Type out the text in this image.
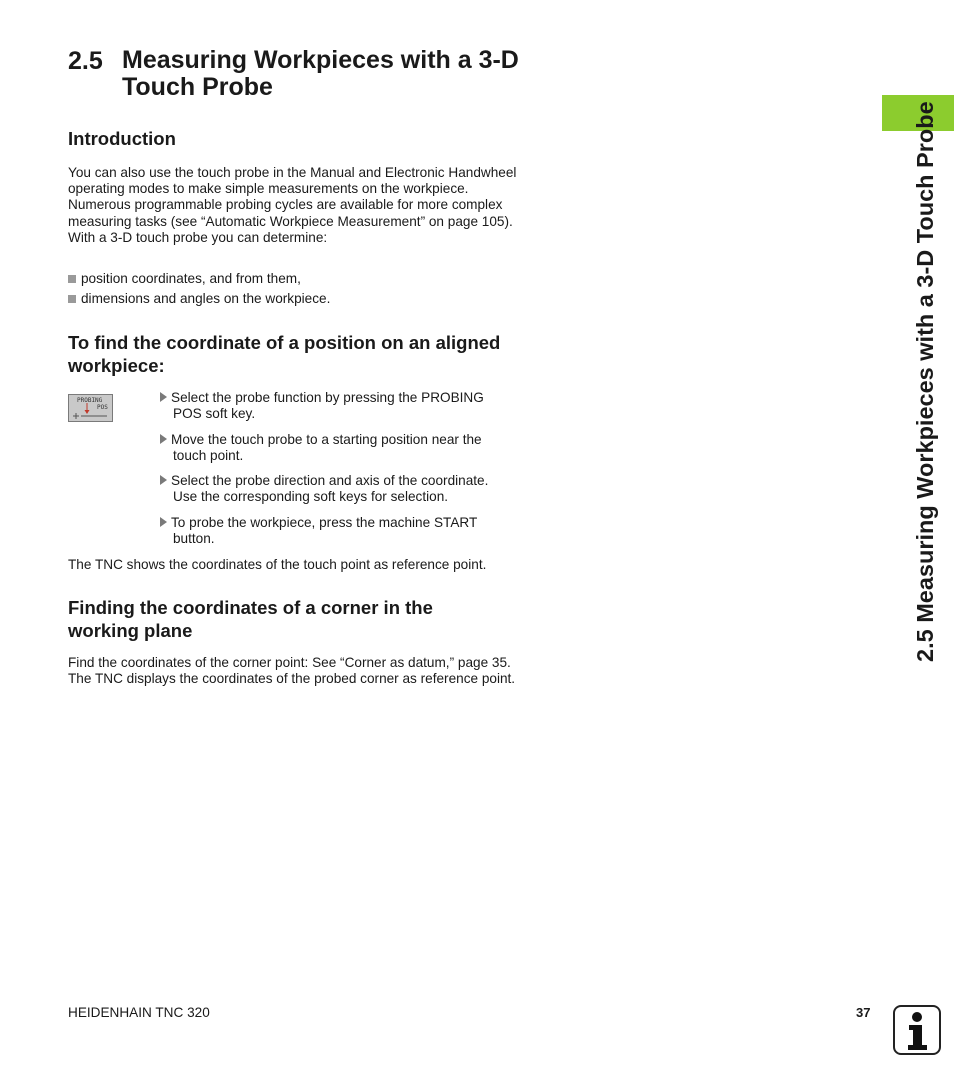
2.5 Measuring Workpieces with a 3-D Touch Probe
Introduction
You can also use the touch probe in the Manual and Electronic Handwheel operating modes to make simple measurements on the workpiece. Numerous programmable probing cycles are available for more complex measuring tasks (see “Automatic Workpiece Measurement” on page 105). With a 3-D touch probe you can determine:
position coordinates, and from them,
dimensions and angles on the workpiece.
To find the coordinate of a position on an aligned workpiece:
PROBING
POS
Select the probe function by pressing the PROBING
POS soft key.
Move the touch probe to a starting position near the
touch point.
Select the probe direction and axis of the coordinate.
Use the corresponding soft keys for selection.
To probe the workpiece, press the machine START
button.
The TNC shows the coordinates of the touch point as reference point.
Finding the coordinates of a corner in the working plane
Find the coordinates of the corner point: See “Corner as datum,” page 35. The TNC displays the coordinates of the probed corner as reference point.
2.5 Measuring Workpieces with a 3-D Touch Probe
HEIDENHAIN TNC 320	37
